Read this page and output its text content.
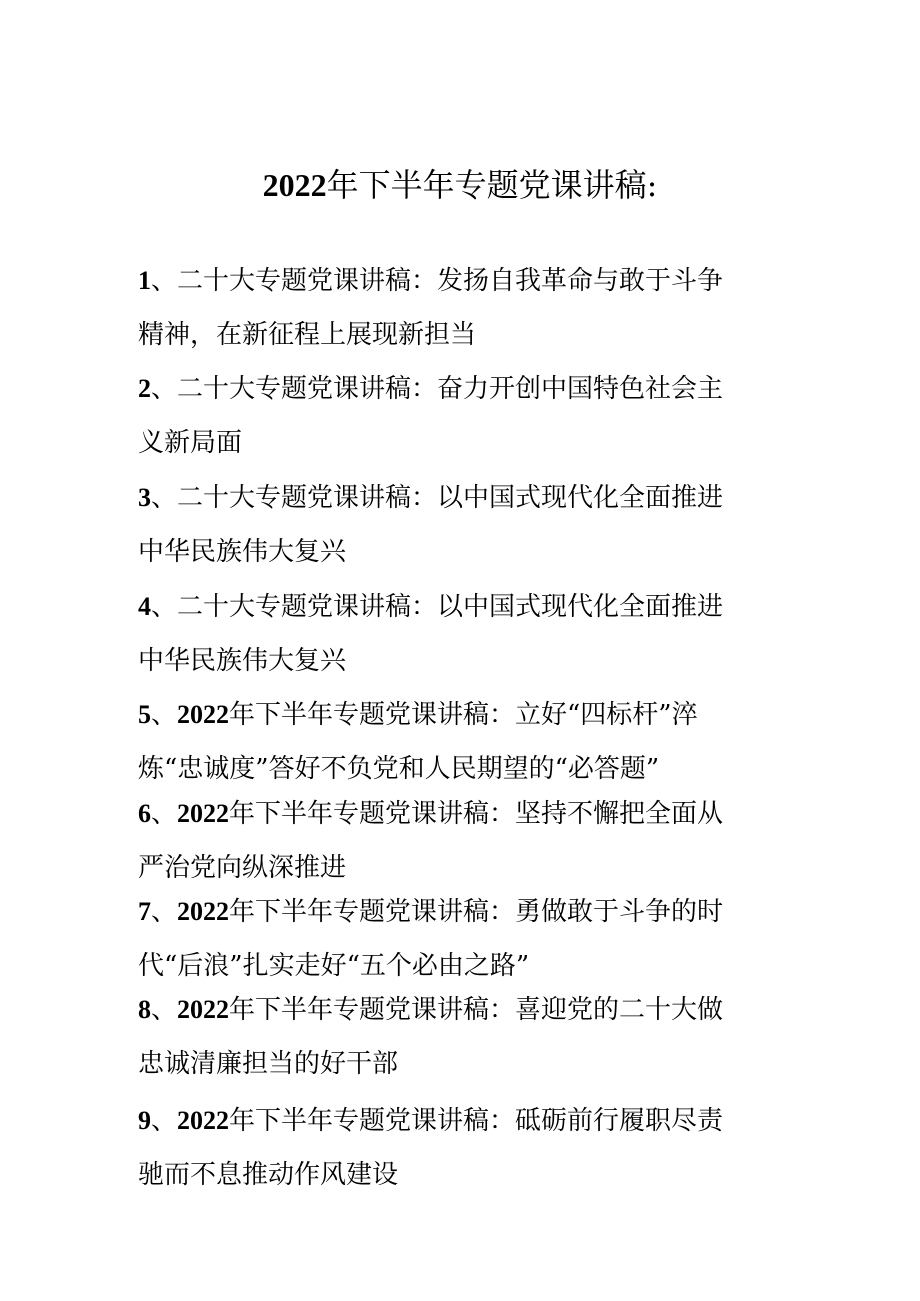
2022年下半年专题党课讲稿:
1、二十大专题党课讲稿：发扬自我革命与敢于斗争
精神，在新征程上展现新担当
2、二十大专题党课讲稿：奋力开创中国特色社会主
义新局面
3、二十大专题党课讲稿：以中国式现代化全面推进
中华民族伟大复兴
4、二十大专题党课讲稿：以中国式现代化全面推进
中华民族伟大复兴
5、2022年下半年专题党课讲稿：立好“四标杆”淬
炼“忠诚度”答好不负党和人民期望的“必答题”
6、2022年下半年专题党课讲稿：坚持不懈把全面从
严治党向纵深推进
7、2022年下半年专题党课讲稿：勇做敢于斗争的时
代“后浪”扎实走好“五个必由之路”
8、2022年下半年专题党课讲稿：喜迎党的二十大做
忠诚清廉担当的好干部
9、2022年下半年专题党课讲稿：砥砺前行履职尽责
驰而不息推动作风建设
